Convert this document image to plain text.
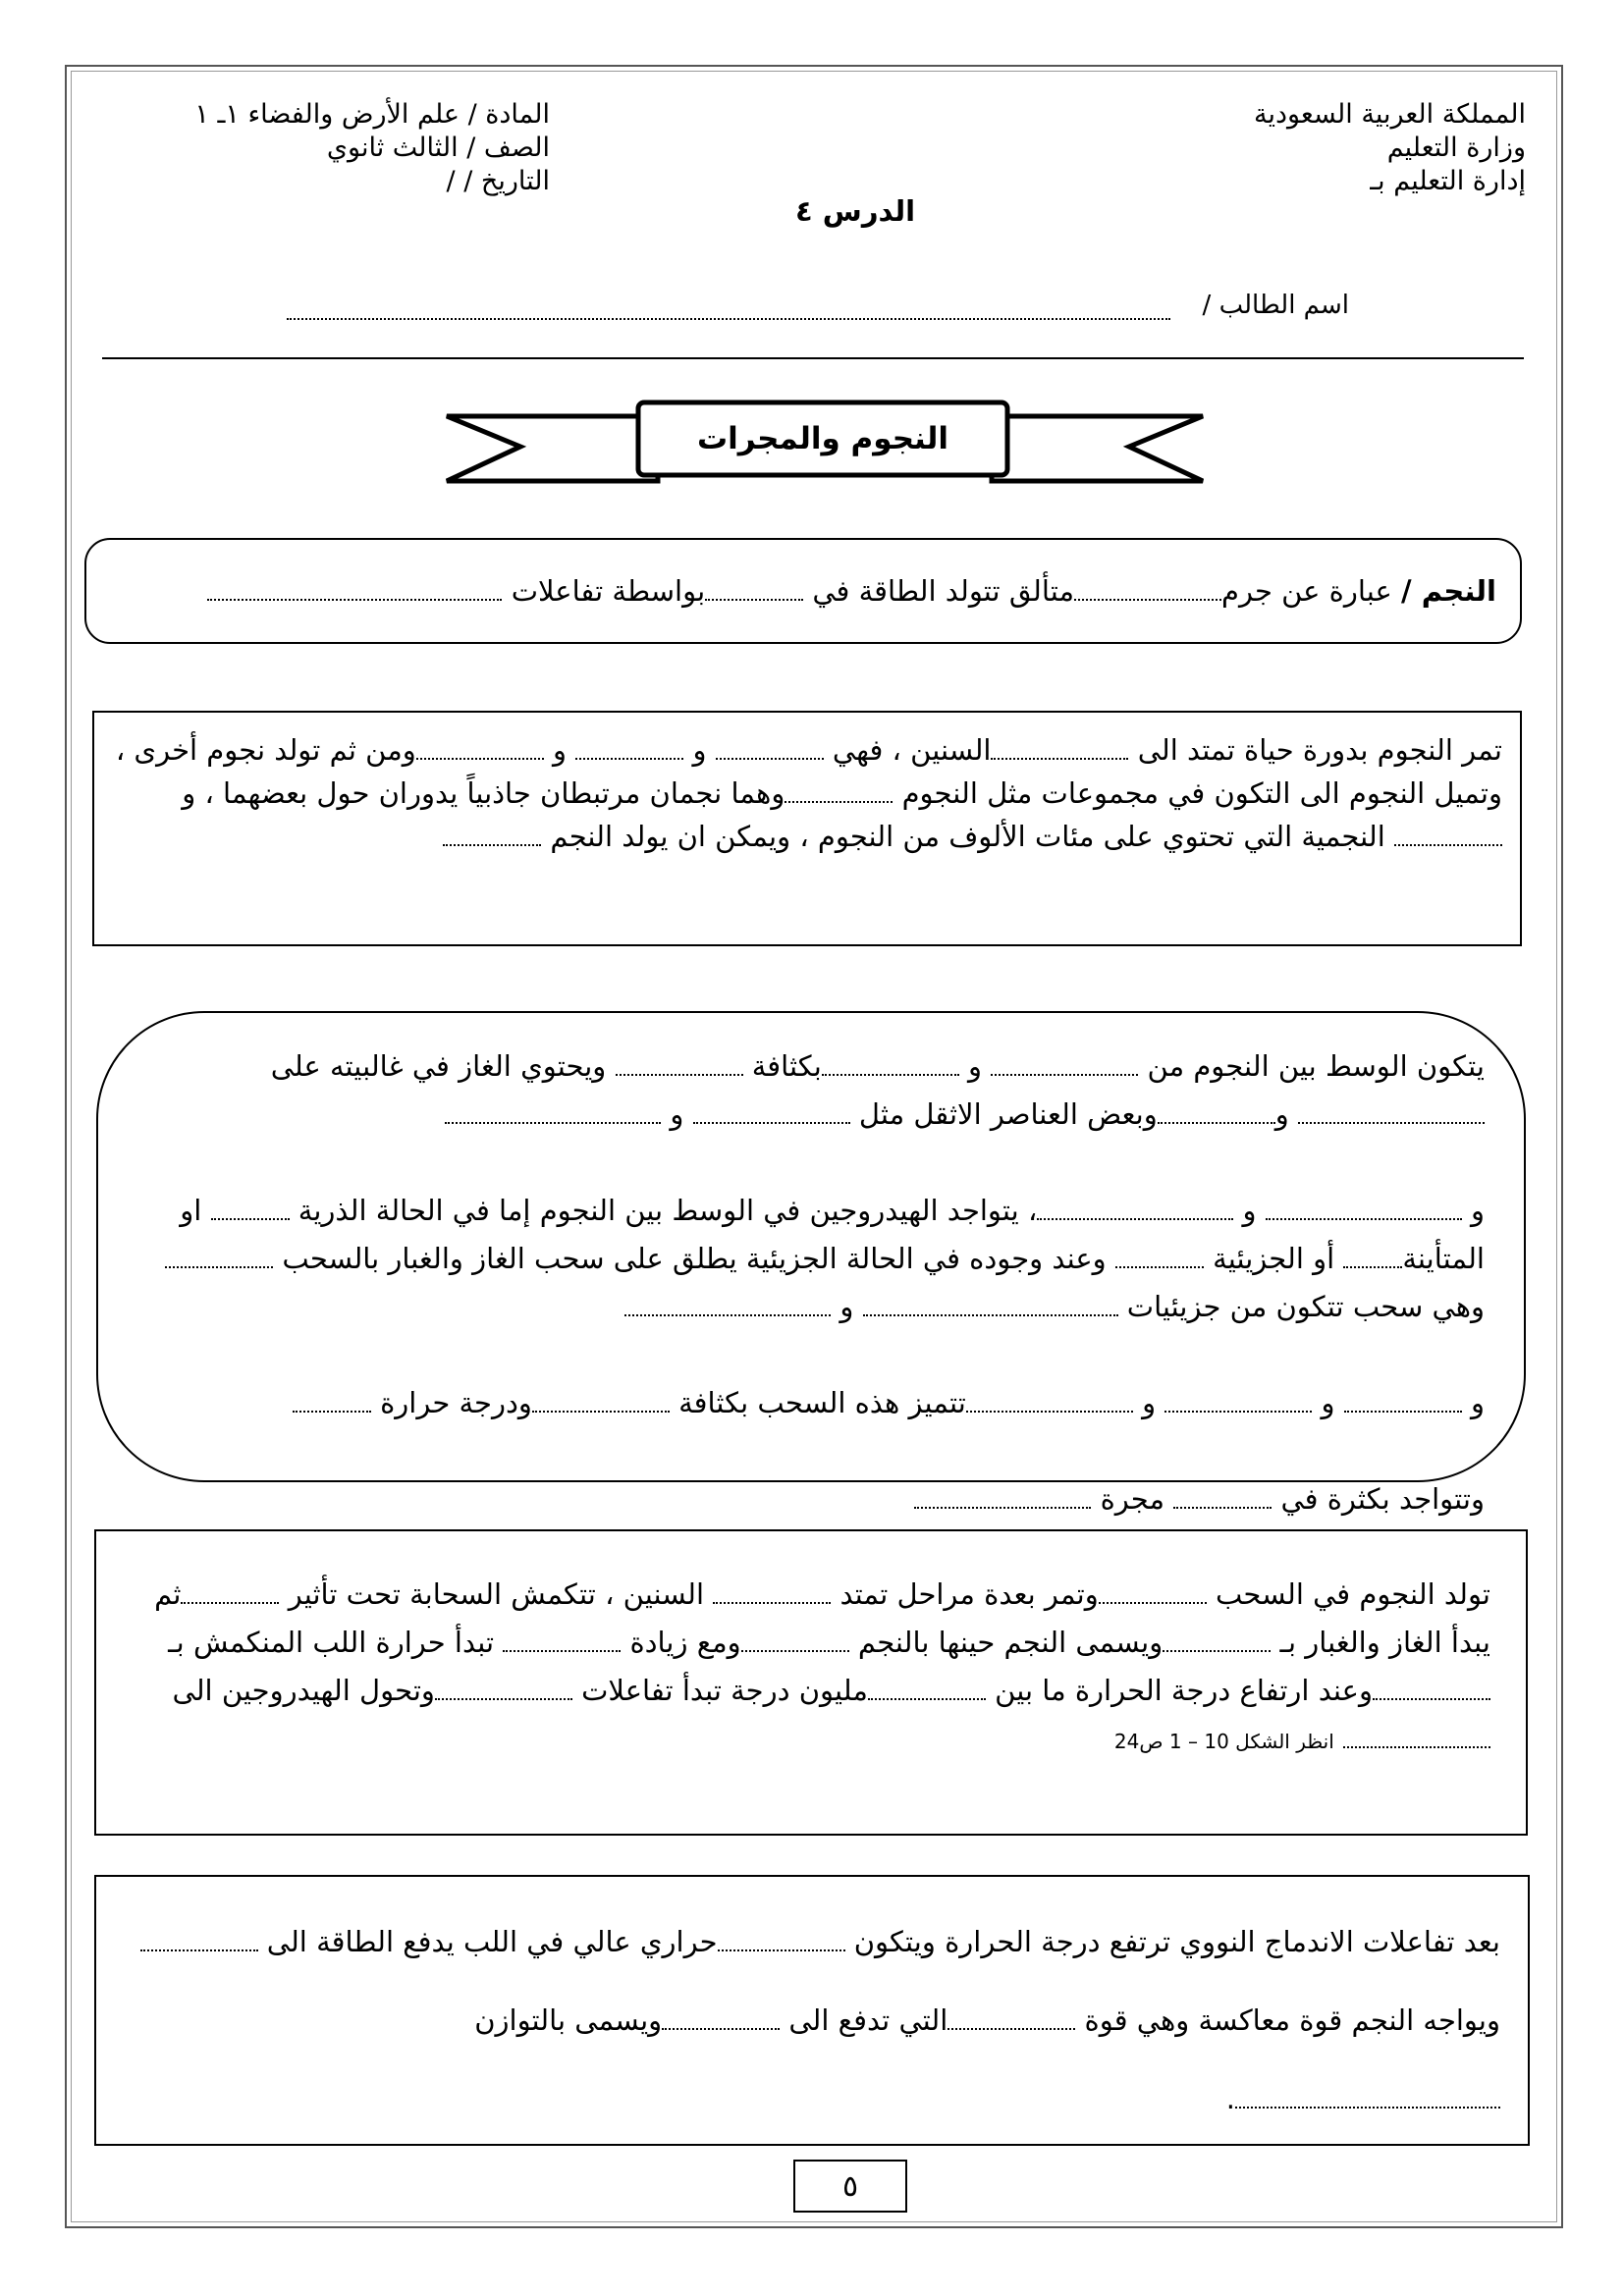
المملكة العربية السعودية
وزارة التعليم
إدارة التعليم بـ
المادة / علم الأرض والفضاء ١ـ ١
الصف / الثالث ثانوي
التاريخ / /
الدرس ٤
اسم الطالب /
النجوم والمجرات
النجم / عبارة عن جرممتألق تتولد الطاقة في بواسطة تفاعلات
تمر النجوم بدورة حياة تمتد الى السنين ، فهي  و  و ومن ثم تولد نجوم أخرى ، وتميل النجوم الى التكون في مجموعات مثل النجوم وهما نجمان مرتبطان جاذبياً يدوران حول بعضهما ، و النجمية التي تحتوي على مئات الألوف من النجوم ، ويمكن ان يولد النجم
يتكون الوسط بين النجوم من  و بكثافة  ويحتوي الغاز في غالبيته على  ووبعض العناصر الاثقل مثل  و

و  و ، يتواجد الهيدروجين في الوسط بين النجوم إما في الحالة الذرية  او المتأينة أو الجزيئية  وعند وجوده في الحالة الجزيئية يطلق على سحب الغاز والغبار بالسحب وهي سحب تتكون من جزيئيات  و

و  و  و تتميز هذه السحب بكثافة ودرجة حرارة

وتتواجد بكثرة في  مجرة
تولد النجوم في السحب وتمر بعدة مراحل تمتد  السنين ، تتكمش السحابة تحت تأثير ثم يبدأ الغاز والغبار بـ ويسمى النجم حينها بالنجم ومع زيادة  تبدأ حرارة اللب المنكمش بـ وعند ارتفاع درجة الحرارة ما بين مليون درجة تبدأ تفاعلات وتحول الهيدروجين الى  انظر الشكل 10 – 1 ص24
بعد تفاعلات الاندماج النووي ترتفع درجة الحرارة ويتكون حراري عالي في اللب يدفع الطاقة الى ويواجه النجم قوة معاكسة وهي قوة التي تدفع الى ويسمى بالتوازن
.
٥
